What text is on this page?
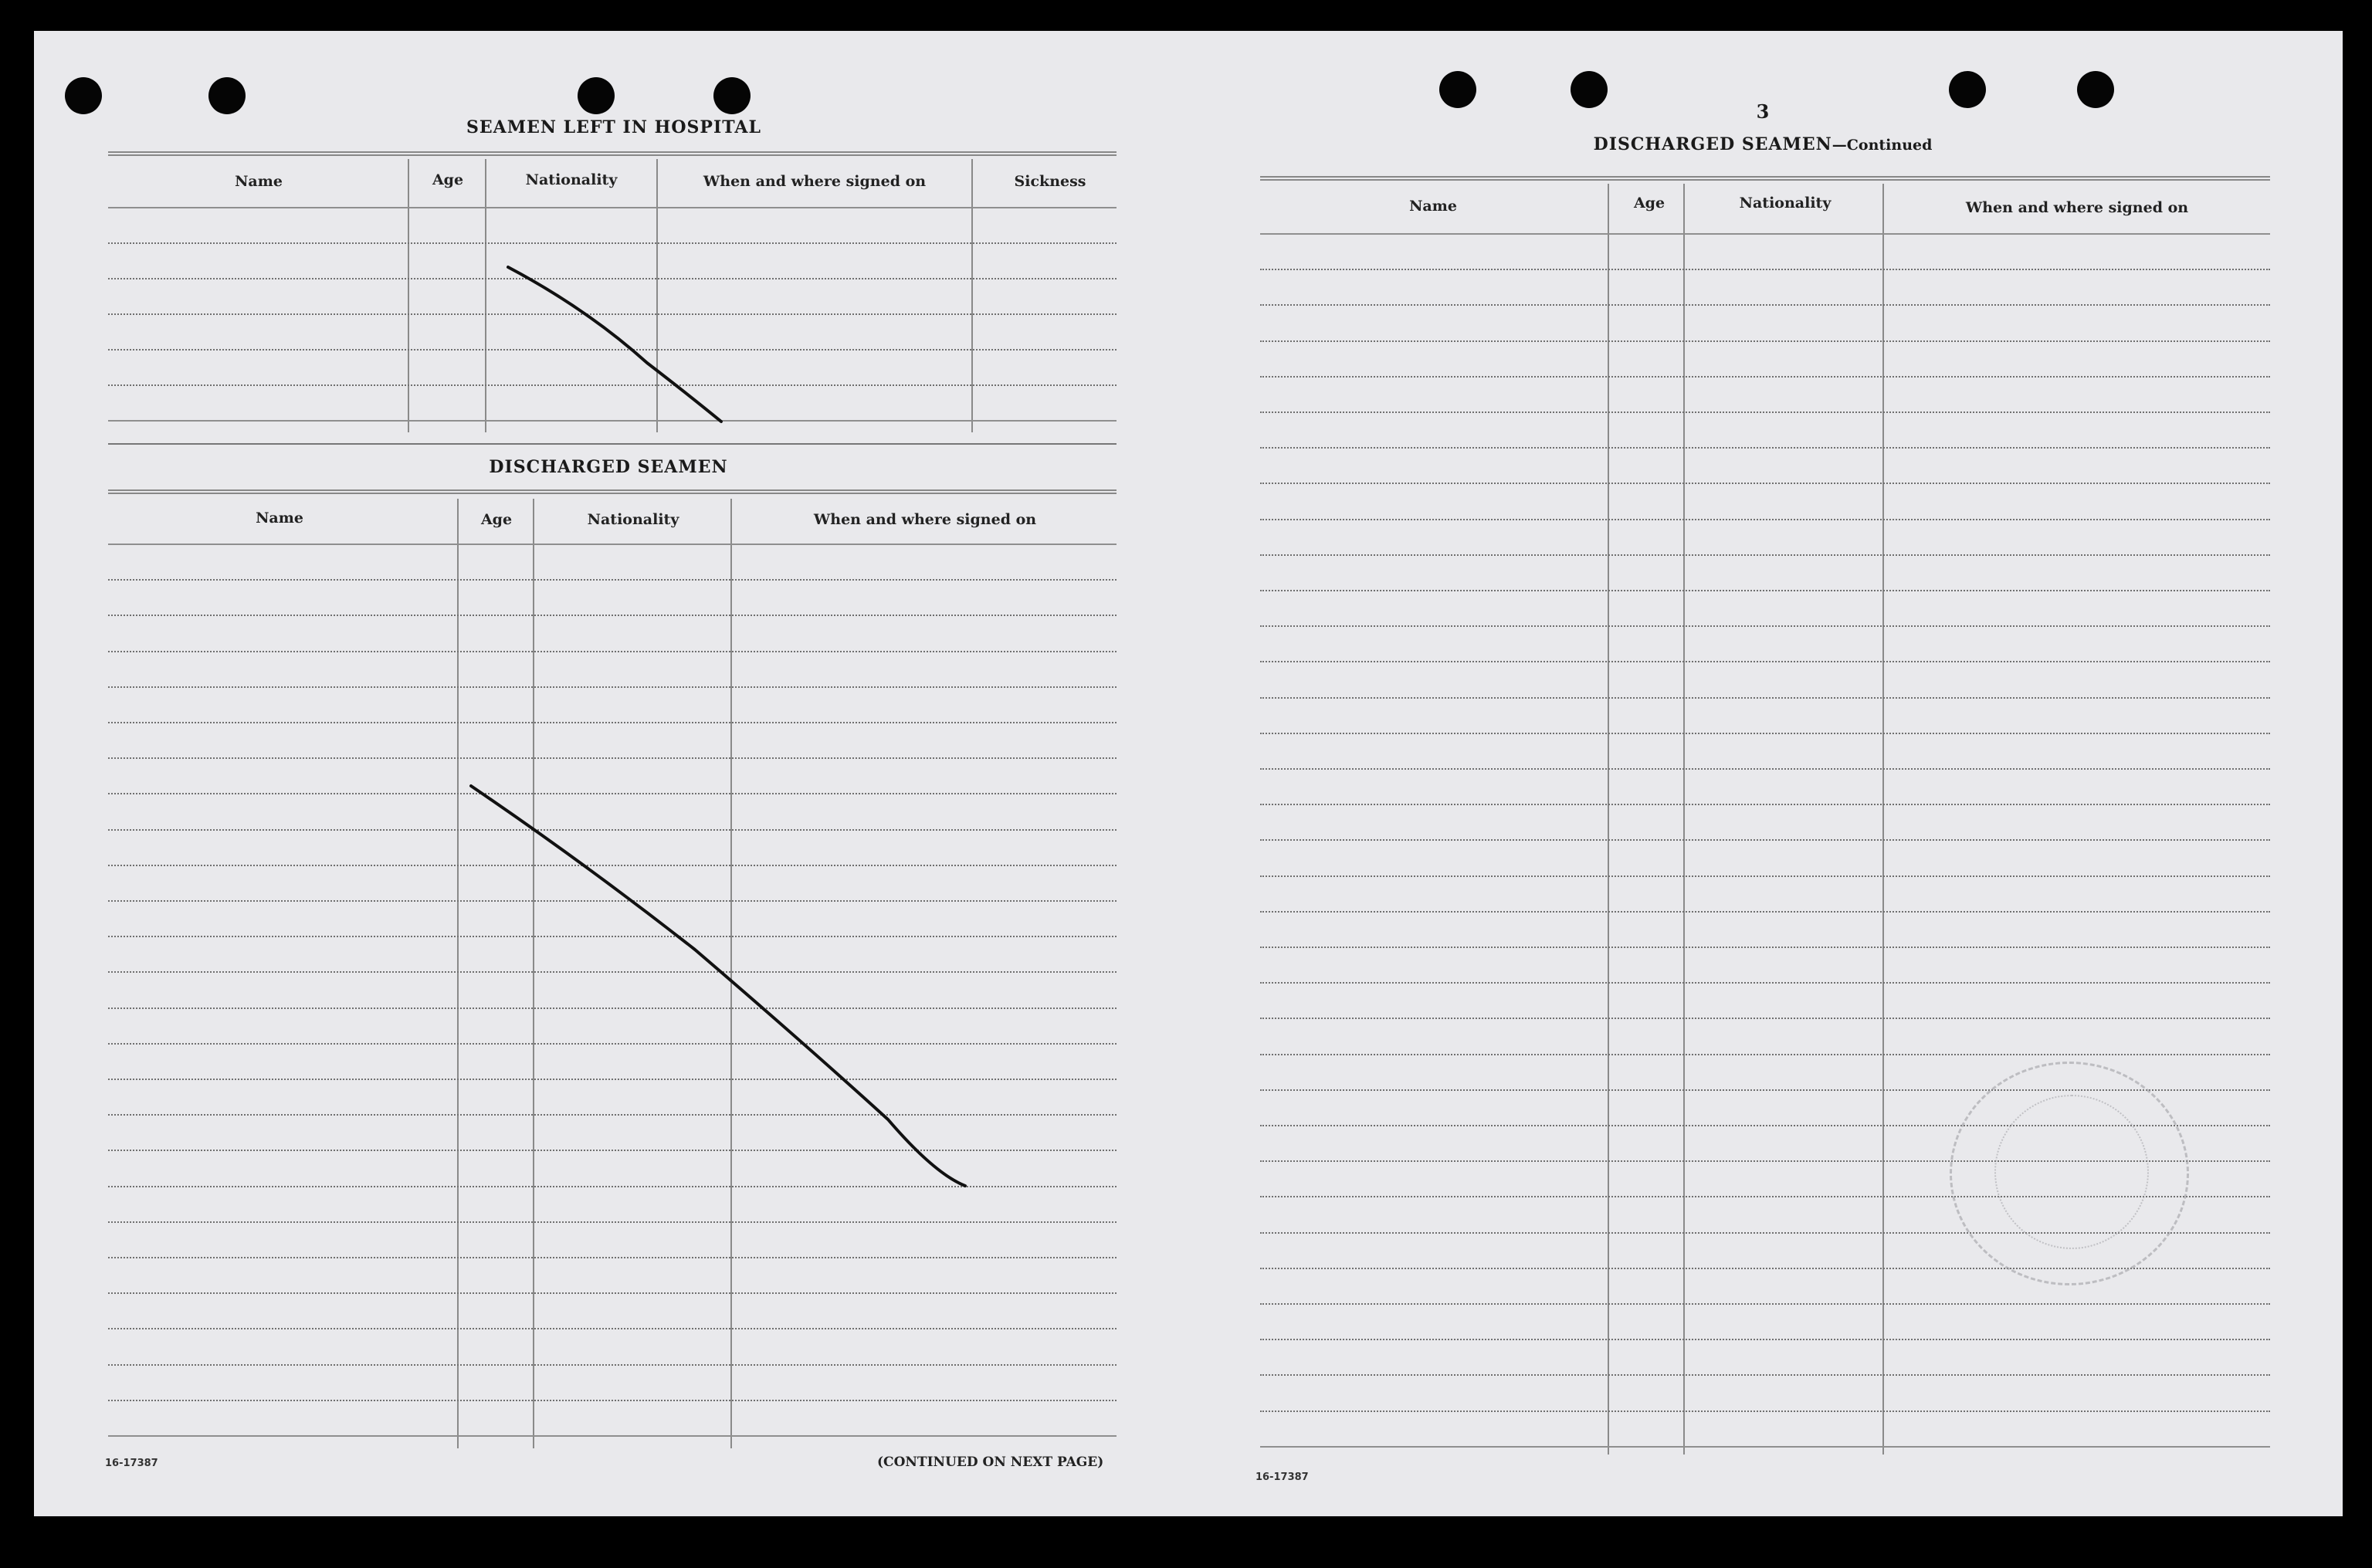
SEAMEN LEFT IN HOSPITAL
Name	Age	Nationality	When and where signed on	Sickness
DISCHARGED SEAMEN
Name	Age	Nationality	When and where signed on
16-17387	(CONTINUED ON NEXT PAGE)
3
DISCHARGED SEAMEN—Continued
Name	Age	Nationality	When and where signed on
16-17387
